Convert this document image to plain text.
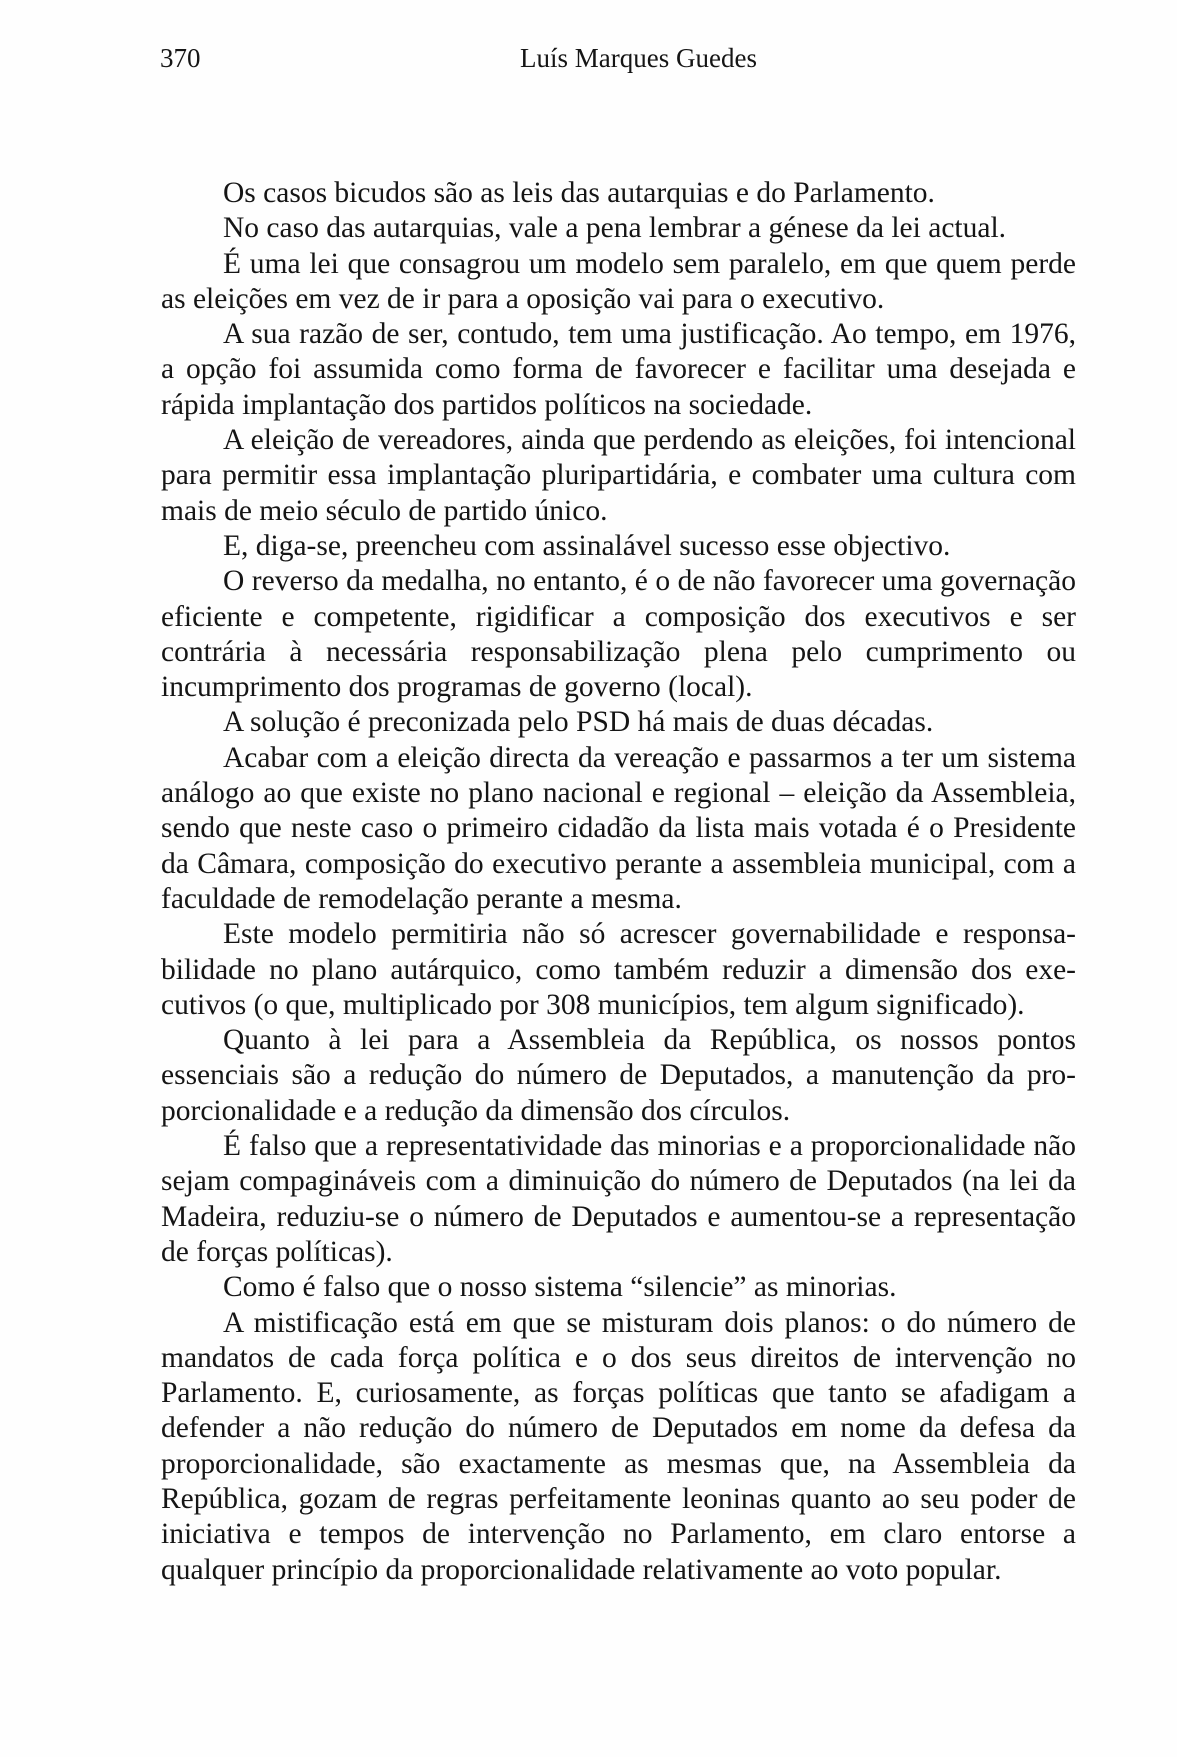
370	Luís Marques Guedes

Os casos bicudos são as leis das autarquias e do Parlamento.

No caso das autarquias, vale a pena lembrar a génese da lei actual.

É uma lei que consagrou um modelo sem paralelo, em que quem perde as eleições em vez de ir para a oposição vai para o executivo.

A sua razão de ser, contudo, tem uma justificação. Ao tempo, em 1976, a opção foi assumida como forma de favorecer e facilitar uma desejada e rápida implantação dos partidos políticos na sociedade.

A eleição de vereadores, ainda que perdendo as eleições, foi intencional para permitir essa implantação pluripartidária, e combater uma cultura com mais de meio século de partido único.

E, diga-se, preencheu com assinalável sucesso esse objectivo.

O reverso da medalha, no entanto, é o de não favorecer uma governação eficiente e competente, rigidificar a composição dos executivos e ser contrária à necessária responsabilização plena pelo cumprimento ou incumprimento dos programas de governo (local).

A solução é preconizada pelo PSD há mais de duas décadas.

Acabar com a eleição directa da vereação e passarmos a ter um sistema análogo ao que existe no plano nacional e regional – eleição da Assembleia, sendo que neste caso o primeiro cidadão da lista mais votada é o Presidente da Câmara, composição do executivo perante a assembleia municipal, com a faculdade de remodelação perante a mesma.

Este modelo permitiria não só acrescer governabilidade e responsabilidade no plano autárquico, como também reduzir a dimensão dos executivos (o que, multiplicado por 308 municípios, tem algum significado).

Quanto à lei para a Assembleia da República, os nossos pontos essenciais são a redução do número de Deputados, a manutenção da proporcionalidade e a redução da dimensão dos círculos.

É falso que a representatividade das minorias e a proporcionalidade não sejam compagináveis com a diminuição do número de Deputados (na lei da Madeira, reduziu-se o número de Deputados e aumentou-se a representação de forças políticas).

Como é falso que o nosso sistema “silencie” as minorias.

A mistificação está em que se misturam dois planos: o do número de mandatos de cada força política e o dos seus direitos de intervenção no Parlamento. E, curiosamente, as forças políticas que tanto se afadigam a defender a não redução do número de Deputados em nome da defesa da proporcionalidade, são exactamente as mesmas que, na Assembleia da República, gozam de regras perfeitamente leoninas quanto ao seu poder de iniciativa e tempos de intervenção no Parlamento, em claro entorse a qualquer princípio da proporcionalidade relativamente ao voto popular.
